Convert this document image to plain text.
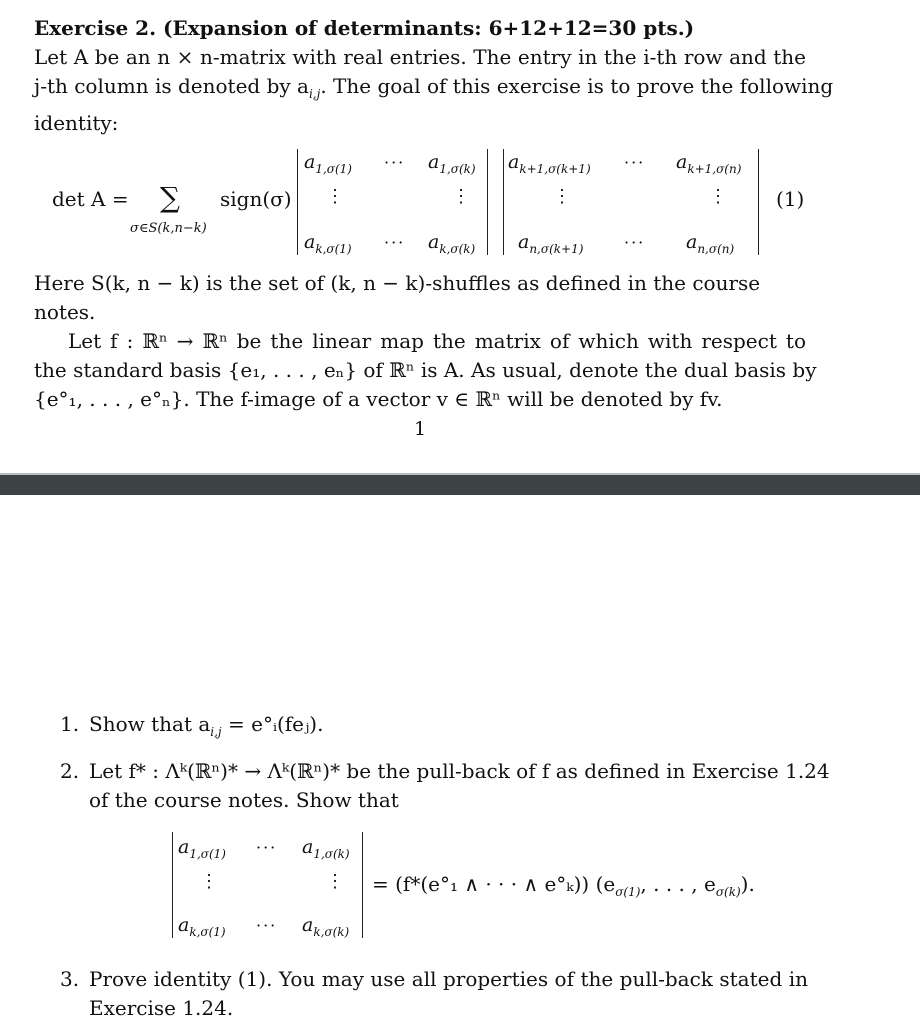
Exercise 2. (Expansion of determinants: 6+12+12=30 pts.)
Let A be an n × n-matrix with real entries. The entry in the i-th row and the
j-th column is denoted by $a_{i,j}$. The goal of this exercise is to prove the following
identity:
det A = ∑
σ∈S(k,n−k)
sign(σ)
$a_{1,\sigma(1)}$ ··· $a_{1,\sigma(k)}$
⋮	⋮
$a_{k,\sigma(1)}$ ··· $a_{k,\sigma(k)}$
$a_{k+1,\sigma(k+1)}$ ··· $a_{k+1,\sigma(n)}$
⋮	⋮
$a_{n,\sigma(k+1)}$	··· $a_{n,\sigma(n)}$
(1)
Here S(k, n − k) is the set of (k, n − k)-shuffles as defined in the course notes.
Let f : ℝⁿ → ℝⁿ be the linear map the matrix of which with respect to
the standard basis {e₁, . . . , eₙ} of ℝⁿ is A. As usual, denote the dual basis by
{e°₁, . . . , e°ₙ}. The f-image of a vector v ∈ ℝⁿ will be denoted by fv.
1
1. Show that $a_{i,j}$ = e°ᵢ(feⱼ).
2. Let f* : Λᵏ(ℝⁿ)* → Λᵏ(ℝⁿ)* be the pull-back of f as defined in Exercise 1.24
of the course notes. Show that
$a_{1,\sigma(1)}$ ··· $a_{1,\sigma(k)}$
⋮	⋮
$a_{k,\sigma(1)}$ ··· $a_{k,\sigma(k)}$
= (f*(e°₁ ∧ · · · ∧ e°ₖ)) ($e_{\sigma(1)}$, . . . , $e_{\sigma(k)}$).
3. Prove identity (1). You may use all properties of the pull-back stated in
Exercise 1.24.
